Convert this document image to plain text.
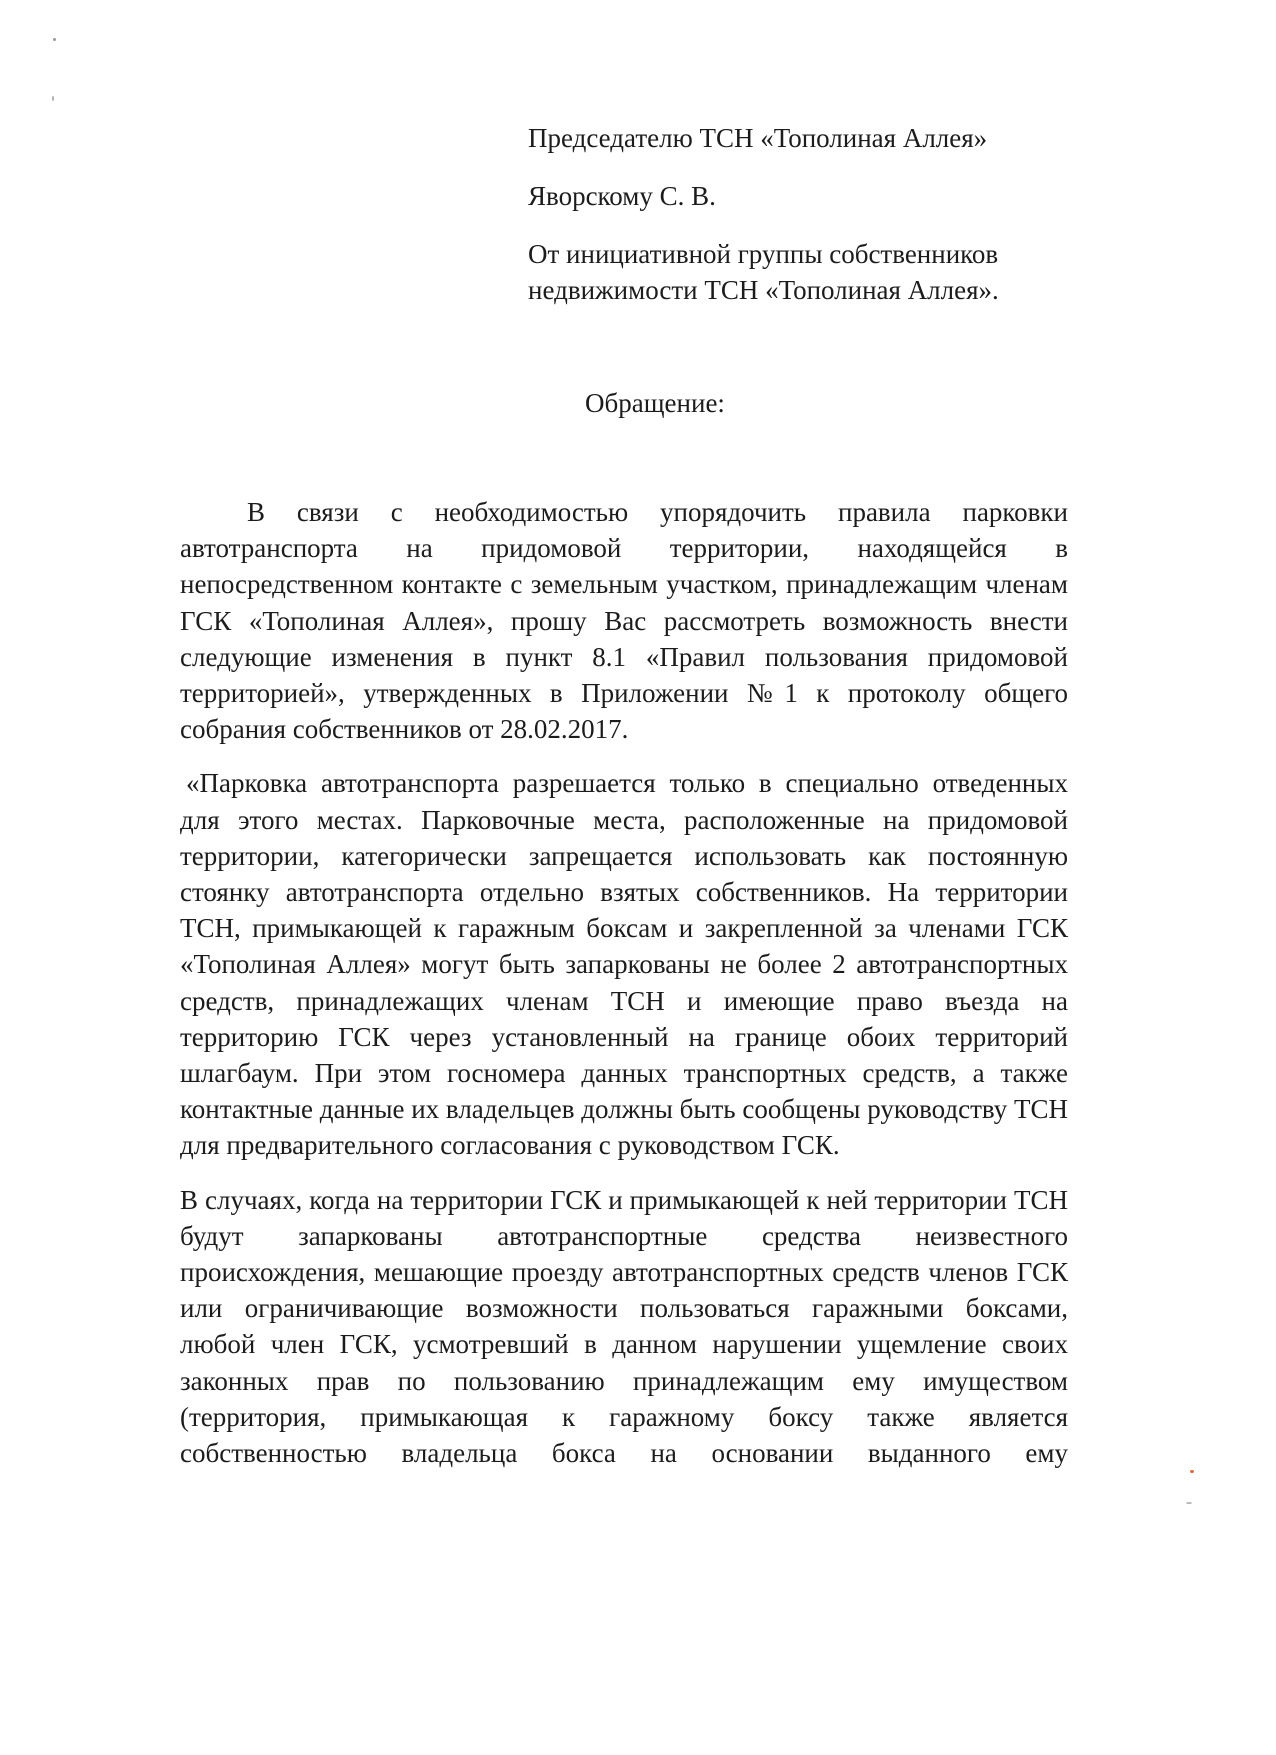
Председателю ТСН «Тополиная Аллея»

Яворскому С. В.

От инициативной группы собственников

недвижимости ТСН «Тополиная Аллея».

Обращение:

В связи с необходимостью упорядочить правила парковки автотранспорта на придомовой территории, находящейся в непосредственном контакте с земельным участком, принадлежащим членам ГСК «Тополиная Аллея», прошу Вас рассмотреть возможность внести следующие изменения в пункт 8.1 «Правил пользования придомовой территорией», утвержденных в Приложении №1 к протоколу общего собрания собственников от 28.02.2017.

«Парковка автотранспорта разрешается только в специально отведенных для этого местах. Парковочные места, расположенные на придомовой территории, категорически запрещается использовать как постоянную стоянку автотранспорта отдельно взятых собственников. На территории ТСН, примыкающей к гаражным боксам и закрепленной за членами ГСК «Тополиная Аллея» могут быть запаркованы не более 2 автотранспортных средств, принадлежащих членам ТСН и имеющие право въезда на территорию ГСК через установленный на границе обоих территорий шлагбаум. При этом госномера данных транспортных средств, а также контактные данные их владельцев должны быть сообщены руководству ТСН для предварительного согласования с руководством ГСК.

В случаях, когда на территории ГСК и примыкающей к ней территории ТСН будут запаркованы автотранспортные средства неизвестного происхождения, мешающие проезду автотранспортных средств членов ГСК или ограничивающие возможности пользоваться гаражными боксами, любой член ГСК, усмотревший в данном нарушении ущемление своих законных прав по пользованию принадлежащим ему имуществом (территория, примыкающая к гаражному боксу также является собственностью владельца бокса на основании выданного ему
